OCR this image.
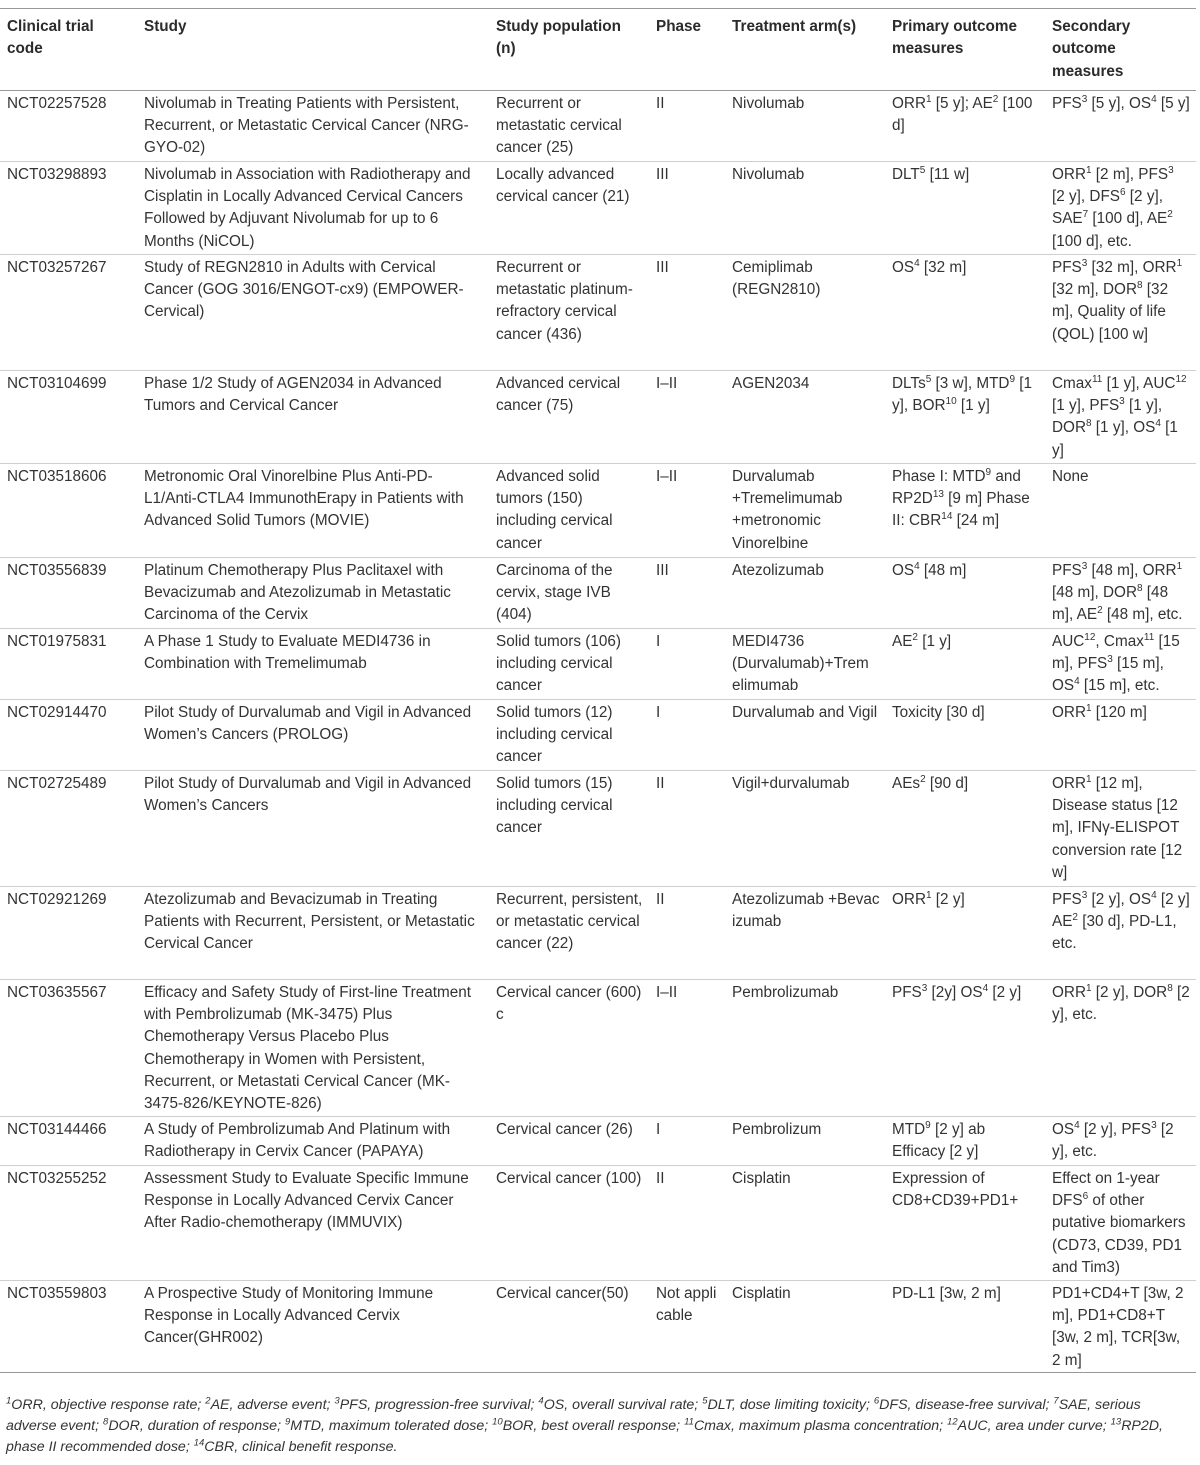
Clinical trial code	Study	Study population (n)	Phase	Treatment arm(s)	Primary outcome measures	Secondary outcome measures
NCT02257528	Nivolumab in Treating Patients with Persistent, Recurrent, or Metastatic Cervical Cancer (NRG-GYO-02)	Recurrent or metastatic cervical cancer (25)	II	Nivolumab	ORR$^1$ [5 y]; $AE^2$ [100 d]	PFS$^3$ [5 y], $OS^4$ [5 y]
NCT03298893	Nivolumab in Association with Radiotherapy and Cisplatin in Locally Advanced Cervical Cancers Followed by Adjuvant Nivolumab for up to 6 Months (NiCOL)	Locally advanced cervical cancer (21)	III	Nivolumab	DLT$^5$ [11 w]	ORR$^1$ [2 m], PFS$^3$ [2 y], DFS$^6$ [2 y], SAE$^7$ [100 d], $AE^2$ [100 d], etc.
NCT03257267	Study of REGN2810 in Adults with Cervical Cancer (GOG 3016/ENGOT-cx9) (EMPOWER-Cervical)	Recurrent or metastatic platinum-refractory cervical cancer (436)	III	Cemiplimab (REGN2810)	$OS^4$ [32 m]	PFS$^3$ [32 m], ORR$^1$ [32 m], DOR$^8$ [32 m], Quality of life (QOL) [100 w]
NCT03104699	Phase 1/2 Study of AGEN2034 in Advanced Tumors and Cervical Cancer	Advanced cervical cancer (75)	I–II	AGEN2034	DLTs$^5$ [3 w], MTD$^9$ [1 y], BOR$^{10}$ [1 y]	Cmax$^{11}$ [1 y], AUC$^{12}$ [1 y], PFS$^3$ [1 y], DOR$^8$ [1 y], $OS^4$ [1 y]
NCT03518606	Metronomic Oral Vinorelbine Plus Anti-PD-L1/Anti-CTLA4 ImmunothErapy in Patients with Advanced Solid Tumors (MOVIE)	Advanced solid tumors (150) including cervical cancer	I–II	Durvalumab +Tremelimumab +metronomic Vinorelbine	Phase I: MTD$^9$ and $RP2D^{13}$ [9 m] Phase II: CBR$^{14}$ [24 m]	None
NCT03556839	Platinum Chemotherapy Plus Paclitaxel with Bevacizumab and Atezolizumab in Metastatic Carcinoma of the Cervix	Carcinoma of the cervix, stage IVB (404)	III	Atezolizumab	$OS^4$ [48 m]	PFS$^3$ [48 m], ORR$^1$ [48 m], DOR$^8$ [48 m], $AE^2$ [48 m], etc.
NCT01975831	A Phase 1 Study to Evaluate MEDI4736 in Combination with Tremelimumab	Solid tumors (106) including cervical cancer	I	MEDI4736 (Durvalumab)+Trem elimumab	$AE^2$ [1 y]	AUC$^{12}$, Cmax$^{11}$ [15 m], PFS$^3$ [15 m], $OS^4$ [15 m], etc.
NCT02914470	Pilot Study of Durvalumab and Vigil in Advanced Women’s Cancers (PROLOG)	Solid tumors (12) including cervical cancer	I	Durvalumab and Vigil	Toxicity [30 d]	ORR$^1$ [120 m]
NCT02725489	Pilot Study of Durvalumab and Vigil in Advanced Women’s Cancers	Solid tumors (15) including cervical cancer	II	Vigil+durvalumab	AEs$^2$ [90 d]	ORR$^1$ [12 m], Disease status [12 m], IFNγ-ELISPOT conversion rate [12 w]
NCT02921269	Atezolizumab and Bevacizumab in Treating Patients with Recurrent, Persistent, or Metastatic Cervical Cancer	Recurrent, persistent, or metastatic cervical cancer (22)	II	Atezolizumab +Bevac izumab	ORR$^1$ [2 y]	PFS$^3$ [2 y], $OS^4$ [2 y] $AE^2$ [30 d], PD-L1, etc.
NCT03635567	Efficacy and Safety Study of First-line Treatment with Pembrolizumab (MK-3475) Plus Chemotherapy Versus Placebo Plus Chemotherapy in Women with Persistent, Recurrent, or Metastati Cervical Cancer (MK-3475-826/KEYNOTE-826)	Cervical cancer (600) c	I–II	Pembrolizumab	PFS$^3$ [2y] $OS^4$ [2 y]	ORR$^1$ [2 y], DOR$^8$ [2 y], etc.
NCT03144466	A Study of Pembrolizumab And Platinum with Radiotherapy in Cervix Cancer (PAPAYA)	Cervical cancer (26)	I	Pembrolizum	MTD$^9$ [2 y] ab Efficacy [2 y]	$OS^4$ [2 y], PFS$^3$ [2 y], etc.
NCT03255252	Assessment Study to Evaluate Specific Immune Response in Locally Advanced Cervix Cancer After Radio-chemotherapy (IMMUVIX)	Cervical cancer (100)	II	Cisplatin	Expression of CD8+CD39+PD1+	Effect on 1-year DFS$^6$ of other putative biomarkers (CD73, CD39, PD1 and Tim3)
NCT03559803	A Prospective Study of Monitoring Immune Response in Locally Advanced Cervix Cancer(GHR002)	Cervical cancer(50)	Not appli cable	Cisplatin	PD-L1 [3w, 2 m]	PD1+CD4+T [3w, 2 m], PD1+CD8+T [3w, 2 m], TCR[3w, 2 m]
$^1$ORR, objective response rate; $^2$AE, adverse event; $^3$PFS, progression-free survival; $^4$OS, overall survival rate; $^5$DLT, dose limiting toxicity; $^6$DFS, disease-free survival; $^7$SAE, serious adverse event; $^8$DOR, duration of response; $^9$MTD, maximum tolerated dose; $^{10}$BOR, best overall response; $^{11}$Cmax, maximum plasma concentration; $^{12}$AUC, area under curve; $^{13}$RP2D, phase II recommended dose; $^{14}$CBR, clinical benefit response.
